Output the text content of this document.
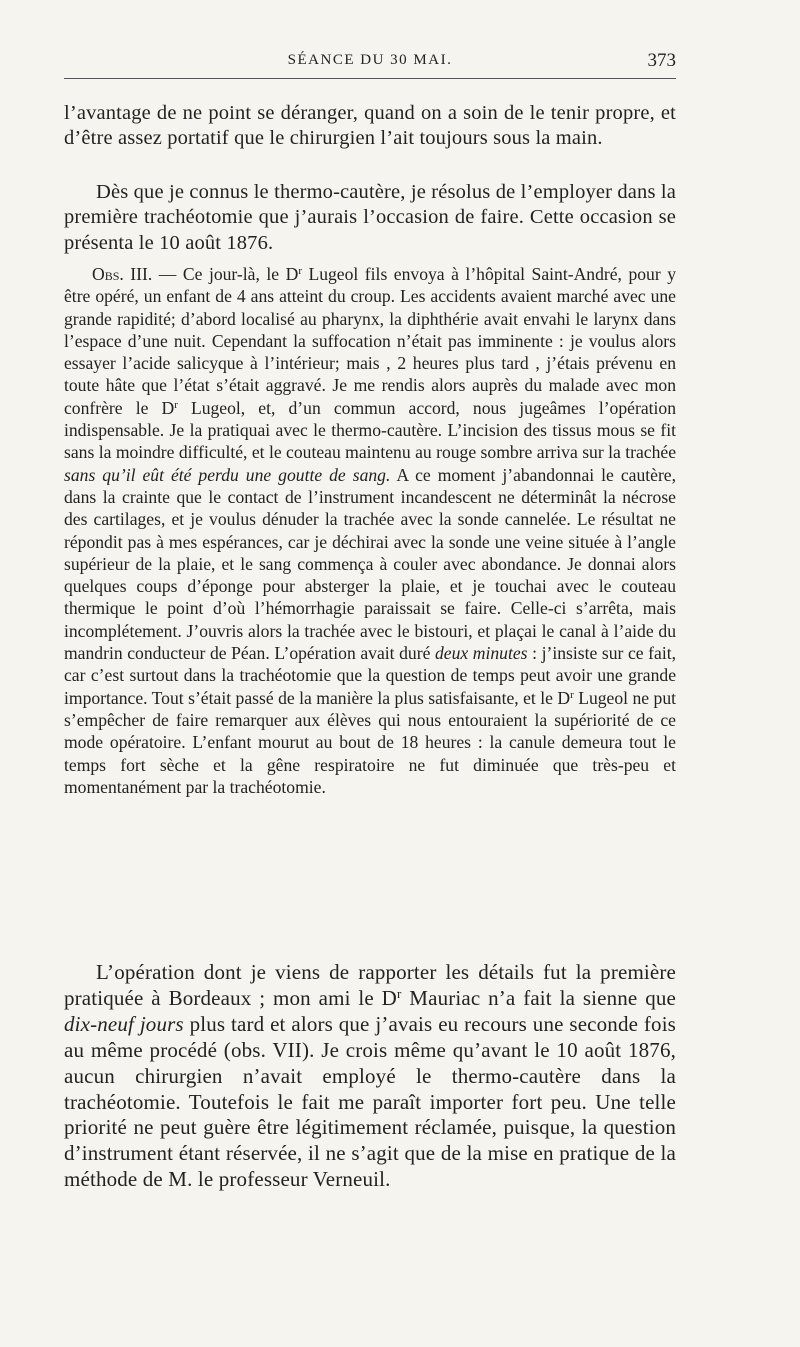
SÉANCE DU 30 MAI.	373

l’avantage de ne point se déranger, quand on a soin de le tenir propre, et d’être assez portatif que le chirurgien l’ait toujours sous la main.

Dès que je connus le thermo-cautère, je résolus de l’employer dans la première trachéotomie que j’aurais l’occasion de faire. Cette occasion se présenta le 10 août 1876.

Obs. III. — Ce jour-là, le $D^r$ Lugeol fils envoya à l’hôpital Saint-André, pour y être opéré, un enfant de 4 ans atteint du croup. Les accidents avaient marché avec une grande rapidité; d’abord localisé au pharynx, la diphthérie avait envahi le larynx dans l’espace d’une nuit. Cependant la suffocation n’était pas imminente : je voulus alors essayer l’acide salicyque à l’intérieur; mais , 2 heures plus tard , j’étais prévenu en toute hâte que l’état s’était aggravé. Je me rendis alors auprès du malade avec mon confrère le $D^r$ Lugeol, et, d’un commun accord, nous jugeâmes l’opération indispensable. Je la pratiquai avec le thermo-cautère. L’incision des tissus mous se fit sans la moindre difficulté, et le couteau maintenu au rouge sombre arriva sur la trachée sans qu’il eût été perdu une goutte de sang. A ce moment j’abandonnai le cautère, dans la crainte que le contact de l’instrument incandescent ne déterminât la nécrose des cartilages, et je voulus dénuder la trachée avec la sonde cannelée. Le résultat ne répondit pas à mes espérances, car je déchirai avec la sonde une veine située à l’angle supérieur de la plaie, et le sang commença à couler avec abondance. Je donnai alors quelques coups d’éponge pour absterger la plaie, et je touchai avec le couteau thermique le point d’où l’hémorrhagie paraissait se faire. Celle-ci s’arrêta, mais incomplétement. J’ouvris alors la trachée avec le bistouri, et plaçai le canal à l’aide du mandrin conducteur de Péan. L’opération avait duré deux minutes : j’insiste sur ce fait, car c’est surtout dans la trachéotomie que la question de temps peut avoir une grande importance. Tout s’était passé de la manière la plus satisfaisante, et le $D^r$ Lugeol ne put s’empêcher de faire remarquer aux élèves qui nous entouraient la supériorité de ce mode opératoire. L’enfant mourut au bout de 18 heures : la canule demeura tout le temps fort sèche et la gêne respiratoire ne fut diminuée que très-peu et momentanément par la trachéotomie.

L’opération dont je viens de rapporter les détails fut la première pratiquée à Bordeaux ; mon ami le $D^r$ Mauriac n’a fait la sienne que dix-neuf jours plus tard et alors que j’avais eu recours une seconde fois au même procédé (obs. VII). Je crois même qu’avant le 10 août 1876, aucun chirurgien n’avait employé le thermo-cautère dans la trachéotomie. Toutefois le fait me paraît importer fort peu. Une telle priorité ne peut guère être légitimement réclamée, puisque, la question d’instrument étant réservée, il ne s’agit que de la mise en pratique de la méthode de M. le professeur Verneuil.
